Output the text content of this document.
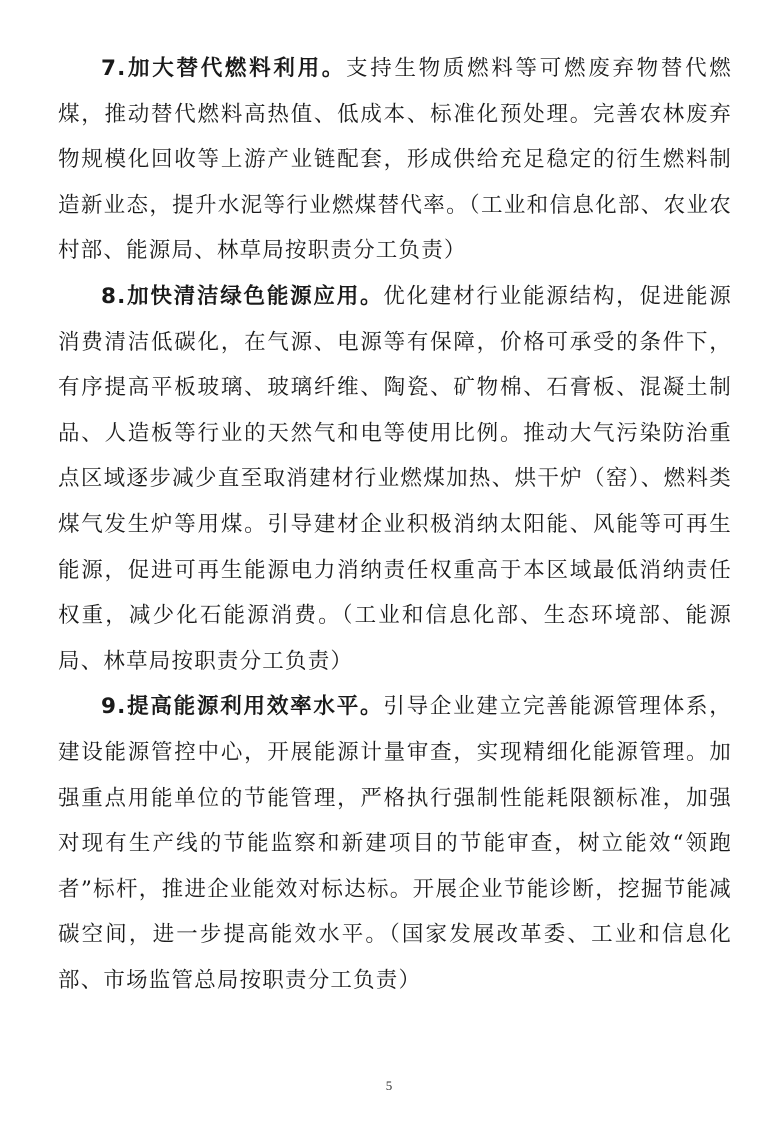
7.加大替代燃料利用。支持生物质燃料等可燃废弃物替代燃煤，推动替代燃料高热值、低成本、标准化预处理。完善农林废弃物规模化回收等上游产业链配套，形成供给充足稳定的衍生燃料制造新业态，提升水泥等行业燃煤替代率。（工业和信息化部、农业农村部、能源局、林草局按职责分工负责）

8.加快清洁绿色能源应用。优化建材行业能源结构，促进能源消费清洁低碳化，在气源、电源等有保障，价格可承受的条件下，有序提高平板玻璃、玻璃纤维、陶瓷、矿物棉、石膏板、混凝土制品、人造板等行业的天然气和电等使用比例。推动大气污染防治重点区域逐步减少直至取消建材行业燃煤加热、烘干炉（窑）、燃料类煤气发生炉等用煤。引导建材企业积极消纳太阳能、风能等可再生能源，促进可再生能源电力消纳责任权重高于本区域最低消纳责任权重，减少化石能源消费。（工业和信息化部、生态环境部、能源局、林草局按职责分工负责）

9.提高能源利用效率水平。引导企业建立完善能源管理体系，建设能源管控中心，开展能源计量审查，实现精细化能源管理。加强重点用能单位的节能管理，严格执行强制性能耗限额标准，加强对现有生产线的节能监察和新建项目的节能审查，树立能效“领跑者”标杆，推进企业能效对标达标。开展企业节能诊断，挖掘节能减碳空间，进一步提高能效水平。（国家发展改革委、工业和信息化部、市场监管总局按职责分工负责）

5
